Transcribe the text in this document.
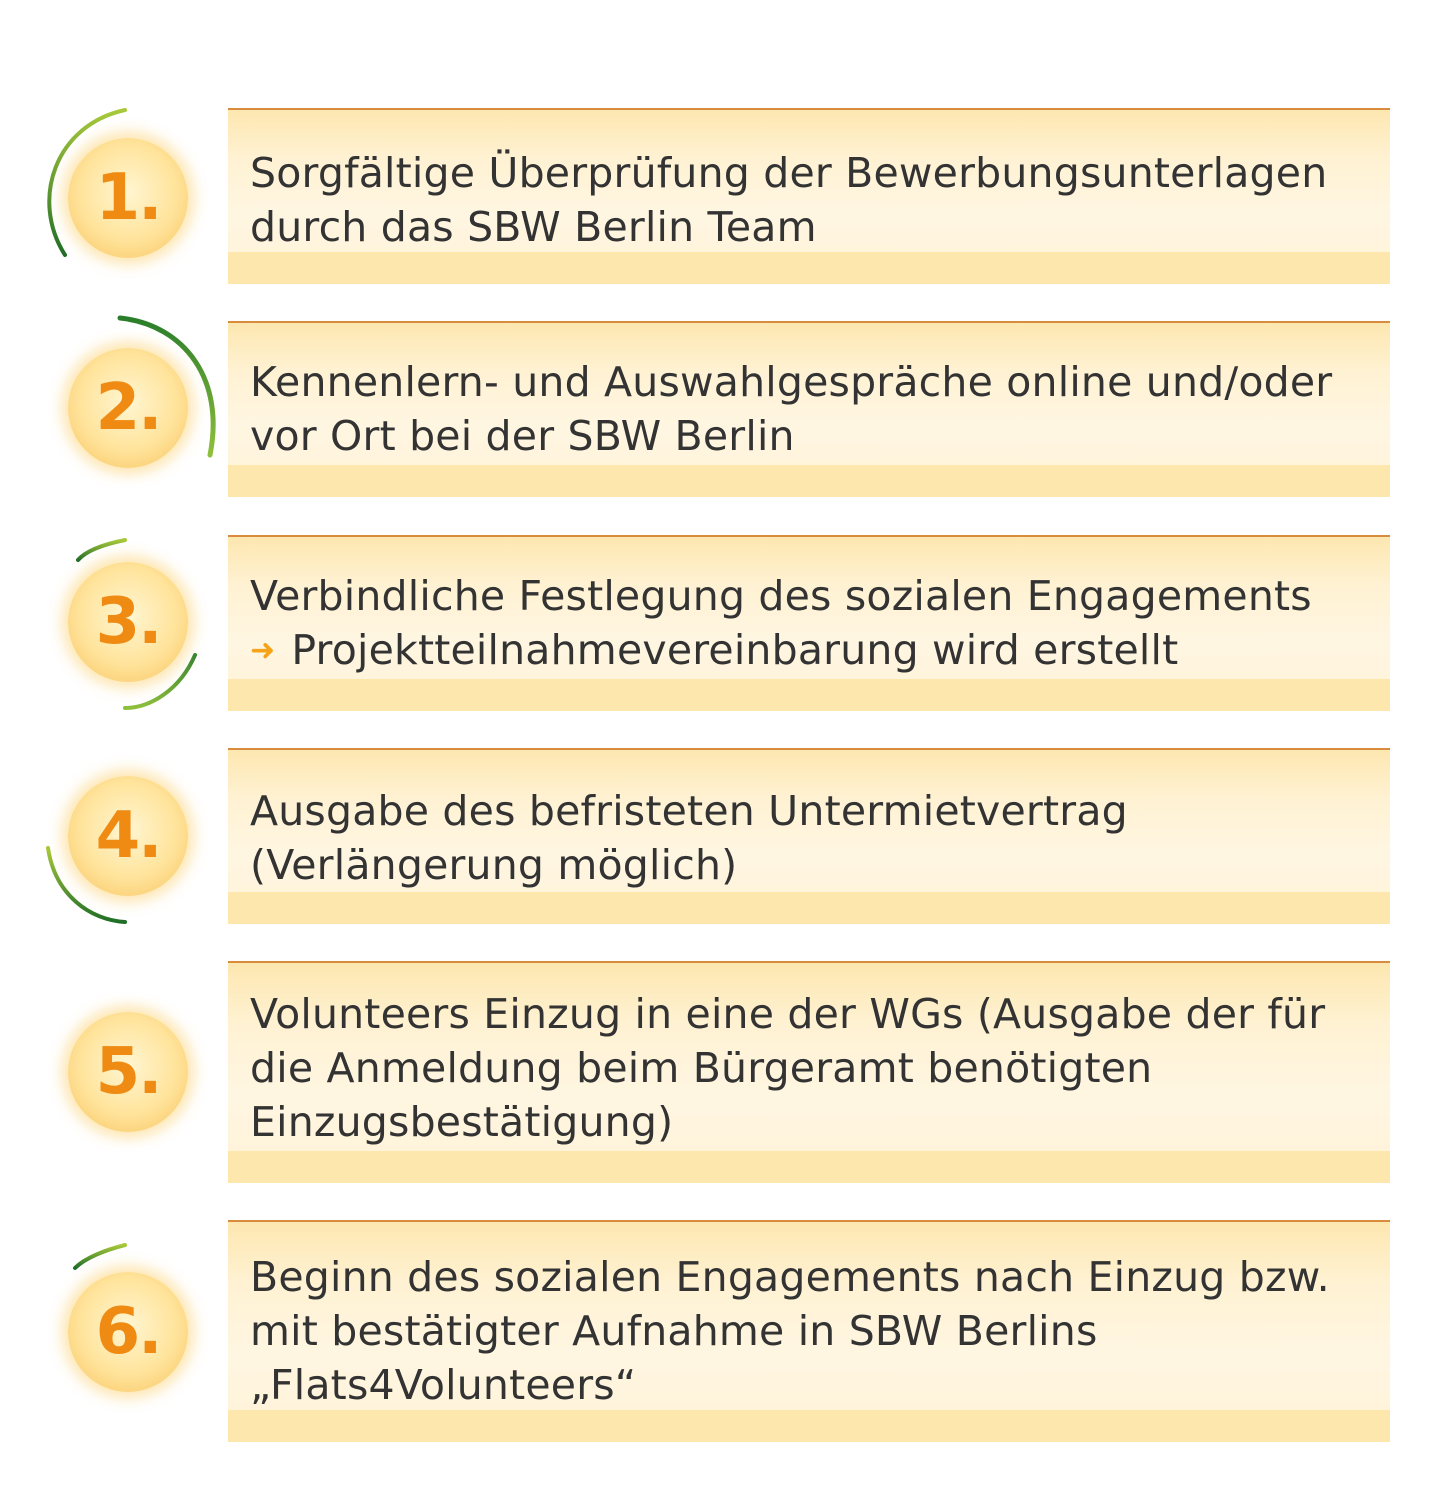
1.	Sorgfältige Überprüfung der Bewerbungsunterlagen durch das SBW Berlin Team
2.	Kennenlern- und Auswahlgespräche online und/oder vor Ort bei der SBW Berlin
3.	Verbindliche Festlegung des sozialen Engagements
➜ Projektteilnahmevereinbarung wird erstellt
4.	Ausgabe des befristeten Untermietvertrag (Verlängerung möglich)
5.
Volunteers Einzug in eine der WGs (Ausgabe der für die Anmeldung beim Bürgeramt benötigten Einzugsbestätigung)
6.
Beginn des sozialen Engagements nach Einzug bzw. mit bestätigter Aufnahme in SBW Berlins „Flats4Volunteers“
